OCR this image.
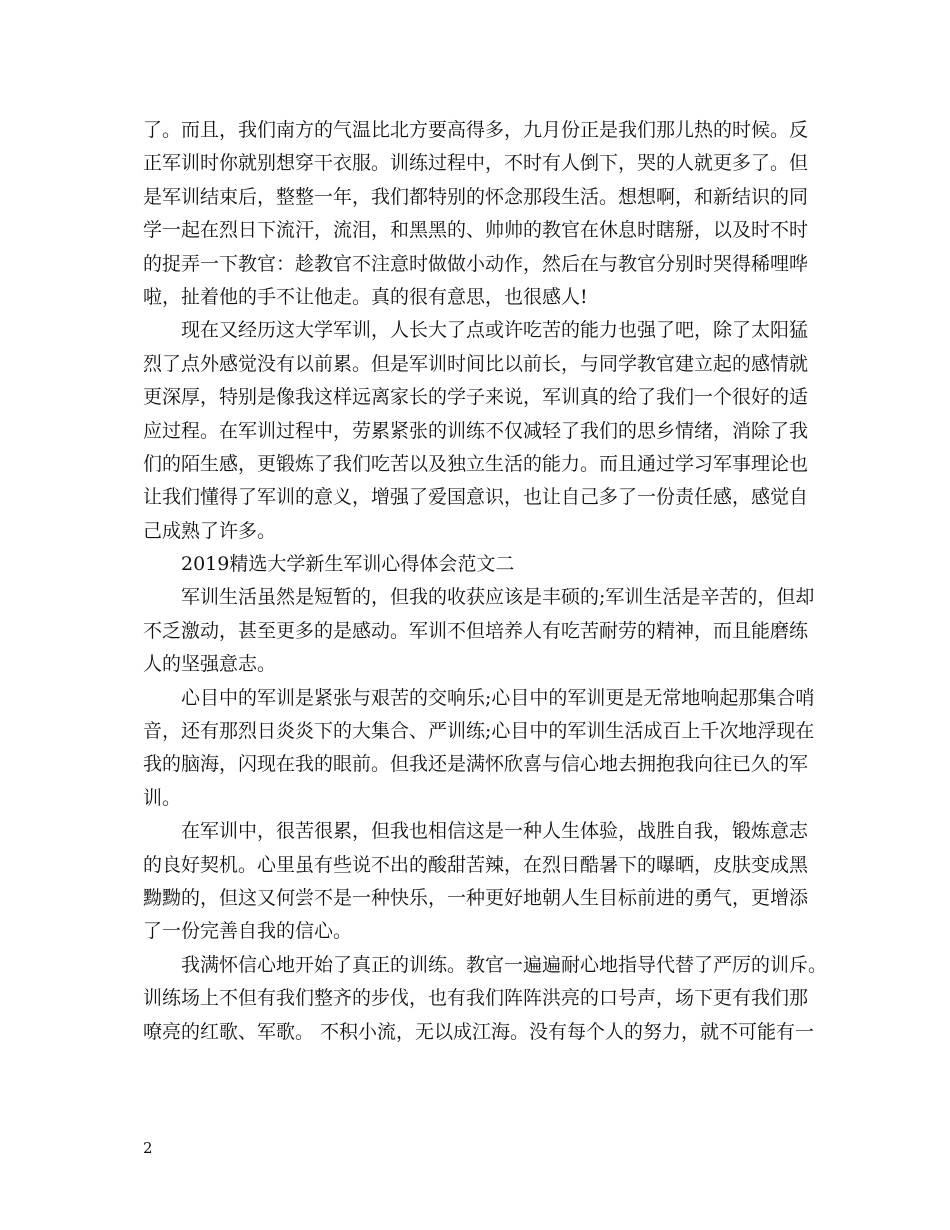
了。而且，我们南方的气温比北方要高得多，九月份正是我们那儿热的时候。反
正军训时你就别想穿干衣服。训练过程中，不时有人倒下，哭的人就更多了。但
是军训结束后，整整一年，我们都特别的怀念那段生活。想想啊，和新结识的同
学一起在烈日下流汗，流泪，和黑黑的、帅帅的教官在休息时瞎掰，以及时不时
的捉弄一下教官：趁教官不注意时做做小动作，然后在与教官分别时哭得稀哩哗
啦，扯着他的手不让他走。真的很有意思，也很感人!
现在又经历这大学军训，人长大了点或许吃苦的能力也强了吧，除了太阳猛
烈了点外感觉没有以前累。但是军训时间比以前长，与同学教官建立起的感情就
更深厚，特别是像我这样远离家长的学子来说，军训真的给了我们一个很好的适
应过程。在军训过程中，劳累紧张的训练不仅减轻了我们的思乡情绪，消除了我
们的陌生感，更锻炼了我们吃苦以及独立生活的能力。而且通过学习军事理论也
让我们懂得了军训的意义，增强了爱国意识，也让自己多了一份责任感，感觉自
己成熟了许多。
2019精选大学新生军训心得体会范文二
军训生活虽然是短暂的，但我的收获应该是丰硕的;军训生活是辛苦的，但却
不乏激动，甚至更多的是感动。军训不但培养人有吃苦耐劳的精神，而且能磨练
人的坚强意志。
心目中的军训是紧张与艰苦的交响乐;心目中的军训更是无常地响起那集合哨
音，还有那烈日炎炎下的大集合、严训练;心目中的军训生活成百上千次地浮现在
我的脑海，闪现在我的眼前。但我还是满怀欣喜与信心地去拥抱我向往已久的军
训。
在军训中，很苦很累，但我也相信这是一种人生体验，战胜自我，锻炼意志
的良好契机。心里虽有些说不出的酸甜苦辣，在烈日酷暑下的曝晒，皮肤变成黑
黝黝的，但这又何尝不是一种快乐，一种更好地朝人生目标前进的勇气，更增添
了一份完善自我的信心。
我满怀信心地开始了真正的训练。教官一遍遍耐心地指导代替了严厉的训斥。
训练场上不但有我们整齐的步伐，也有我们阵阵洪亮的口号声，场下更有我们那
嘹亮的红歌、军歌。 不积小流，无以成江海。没有每个人的努力，就不可能有一
2
